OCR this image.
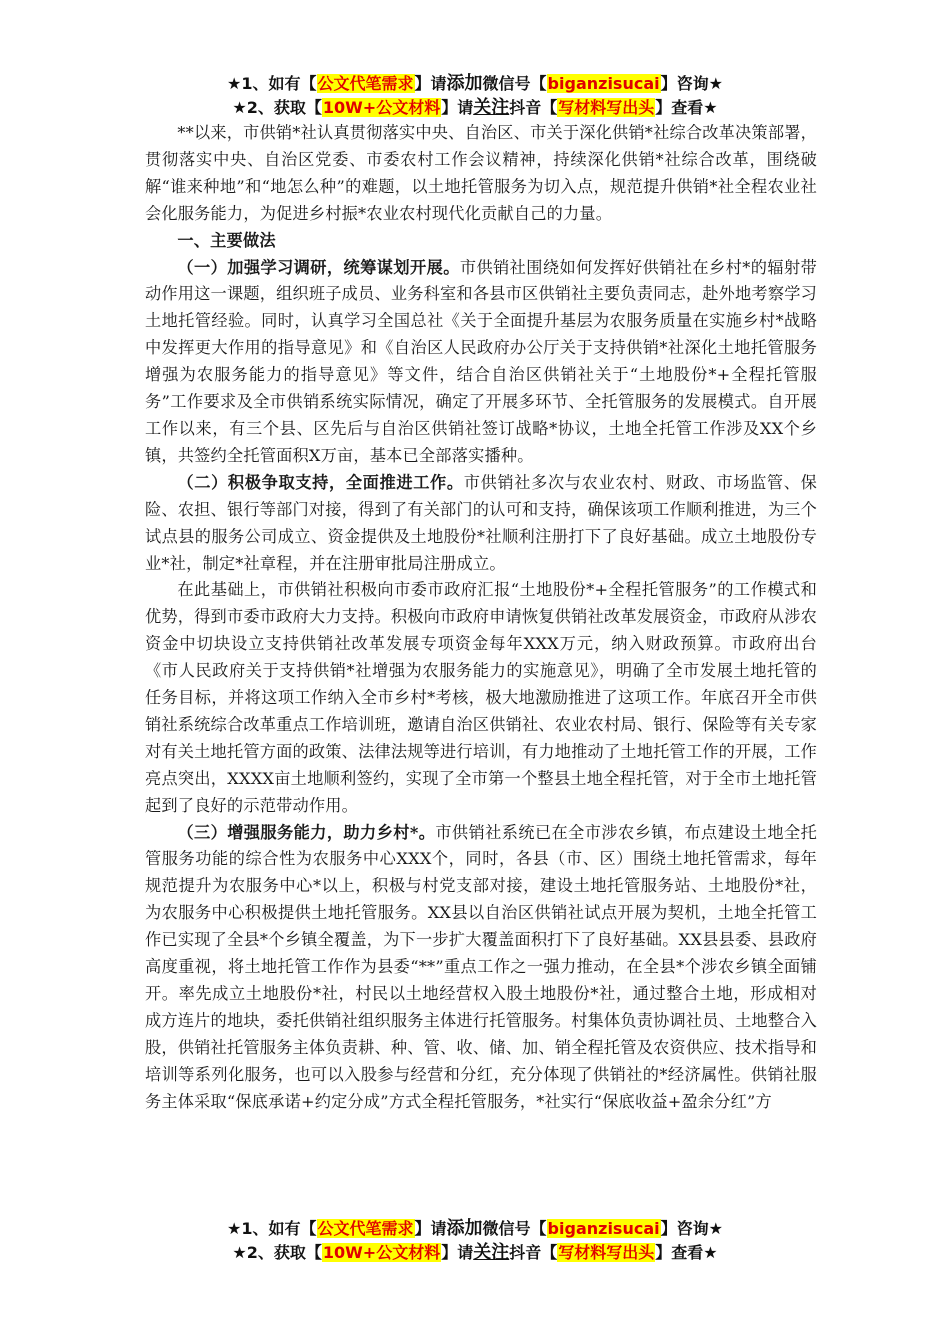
★1、如有【公文代笔需求】请添加微信号【biganzisucai】咨询★
★2、获取【10W+公文材料】请关注抖音【写材料写出头】查看★

**以来，市供销*社认真贯彻落实中央、自治区、市关于深化供销*社综合改革决策部署，贯彻落实中央、自治区党委、市委农村工作会议精神，持续深化供销*社综合改革，围绕破解“谁来种地”和“地怎么种”的难题，以土地托管服务为切入点，规范提升供销*社全程农业社会化服务能力，为促进乡村振*农业农村现代化贡献自己的力量。

一、主要做法

（一）加强学习调研，统筹谋划开展。市供销社围绕如何发挥好供销社在乡村*的辐射带动作用这一课题，组织班子成员、业务科室和各县市区供销社主要负责同志，赴外地考察学习土地托管经验。同时，认真学习全国总社《关于全面提升基层为农服务质量在实施乡村*战略中发挥更大作用的指导意见》和《自治区人民政府办公厅关于支持供销*社深化土地托管服务增强为农服务能力的指导意见》等文件，结合自治区供销社关于“土地股份*+全程托管服务”工作要求及全市供销系统实际情况，确定了开展多环节、全托管服务的发展模式。自开展工作以来，有三个县、区先后与自治区供销社签订战略*协议，土地全托管工作涉及XX个乡镇，共签约全托管面积X万亩，基本已全部落实播种。

（二）积极争取支持，全面推进工作。市供销社多次与农业农村、财政、市场监管、保险、农担、银行等部门对接，得到了有关部门的认可和支持，确保该项工作顺利推进，为三个试点县的服务公司成立、资金提供及土地股份*社顺利注册打下了良好基础。成立土地股份专业*社，制定*社章程，并在注册审批局注册成立。

在此基础上，市供销社积极向市委市政府汇报“土地股份*+全程托管服务”的工作模式和优势，得到市委市政府大力支持。积极向市政府申请恢复供销社改革发展资金，市政府从涉农资金中切块设立支持供销社改革发展专项资金每年XXX万元，纳入财政预算。市政府出台《市人民政府关于支持供销*社增强为农服务能力的实施意见》，明确了全市发展土地托管的任务目标，并将这项工作纳入全市乡村*考核，极大地激励推进了这项工作。年底召开全市供销社系统综合改革重点工作培训班，邀请自治区供销社、农业农村局、银行、保险等有关专家对有关土地托管方面的政策、法律法规等进行培训，有力地推动了土地托管工作的开展，工作亮点突出，XXXX亩土地顺利签约，实现了全市第一个整县土地全程托管，对于全市土地托管起到了良好的示范带动作用。

（三）增强服务能力，助力乡村*。市供销社系统已在全市涉农乡镇，布点建设土地全托管服务功能的综合性为农服务中心XXX个，同时，各县（市、区）围绕土地托管需求，每年规范提升为农服务中心*以上，积极与村党支部对接，建设土地托管服务站、土地股份*社，为农服务中心积极提供土地托管服务。XX县以自治区供销社试点开展为契机，土地全托管工作已实现了全县*个乡镇全覆盖，为下一步扩大覆盖面积打下了良好基础。XX县县委、县政府高度重视，将土地托管工作作为县委“**”重点工作之一强力推动，在全县*个涉农乡镇全面铺开。率先成立土地股份*社，村民以土地经营权入股土地股份*社，通过整合土地，形成相对成方连片的地块，委托供销社组织服务主体进行托管服务。村集体负责协调社员、土地整合入股，供销社托管服务主体负责耕、种、管、收、储、加、销全程托管及农资供应、技术指导和培训等系列化服务，也可以入股参与经营和分红，充分体现了供销社的*经济属性。供销社服务主体采取“保底承诺+约定分成”方式全程托管服务，*社实行“保底收益+盈余分红”方

★1、如有【公文代笔需求】请添加微信号【biganzisucai】咨询★
★2、获取【10W+公文材料】请关注抖音【写材料写出头】查看★
